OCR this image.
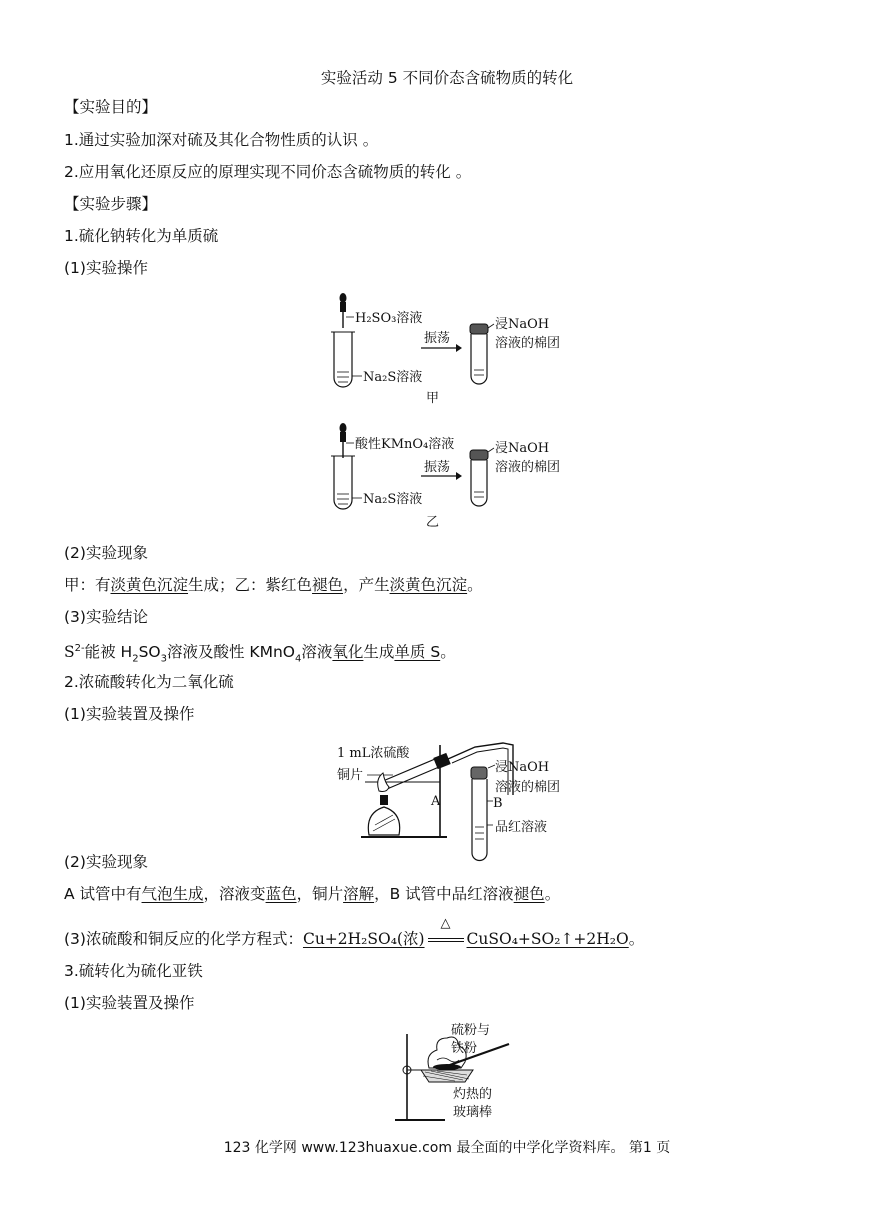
实验活动 5 不同价态含硫物质的转化
【实验目的】
1.通过实验加深对硫及其化合物性质的认识 。
2.应用氧化还原反应的原理实现不同价态含硫物质的转化 。
【实验步骤】
1.硫化钠转化为单质硫
(1)实验操作
H₂SO₃溶液
Na₂S溶液
振荡
浸NaOH
溶液的棉团
甲
酸性KMnO₄溶液
Na₂S溶液
振荡
浸NaOH
溶液的棉团
乙
(2)实验现象
甲：有淡黄色沉淀生成；乙：紫红色褪色，产生淡黄色沉淀。
(3)实验结论
$S^{2-}$能被 $H_2SO_3$溶液及酸性 KMnO$_4$溶液氧化生成单质 S。
2.浓硫酸转化为二氧化硫
(1)实验装置及操作
1 mL浓硫酸
铜片
A
浸NaOH
溶液的棉团
B
品红溶液
(2)实验现象
A 试管中有气泡生成，溶液变蓝色，铜片溶解，B 试管中品红溶液褪色。
(3)浓硫酸和铜反应的化学方程式：Cu+2H₂SO₄(浓)
△
CuSO₄+SO₂↑+2H₂O。
3.硫转化为硫化亚铁
(1)实验装置及操作
硫粉与
铁粉
灼热的
玻璃棒
123 化学网 www.123huaxue.com 最全面的中学化学资料库。 第1 页
